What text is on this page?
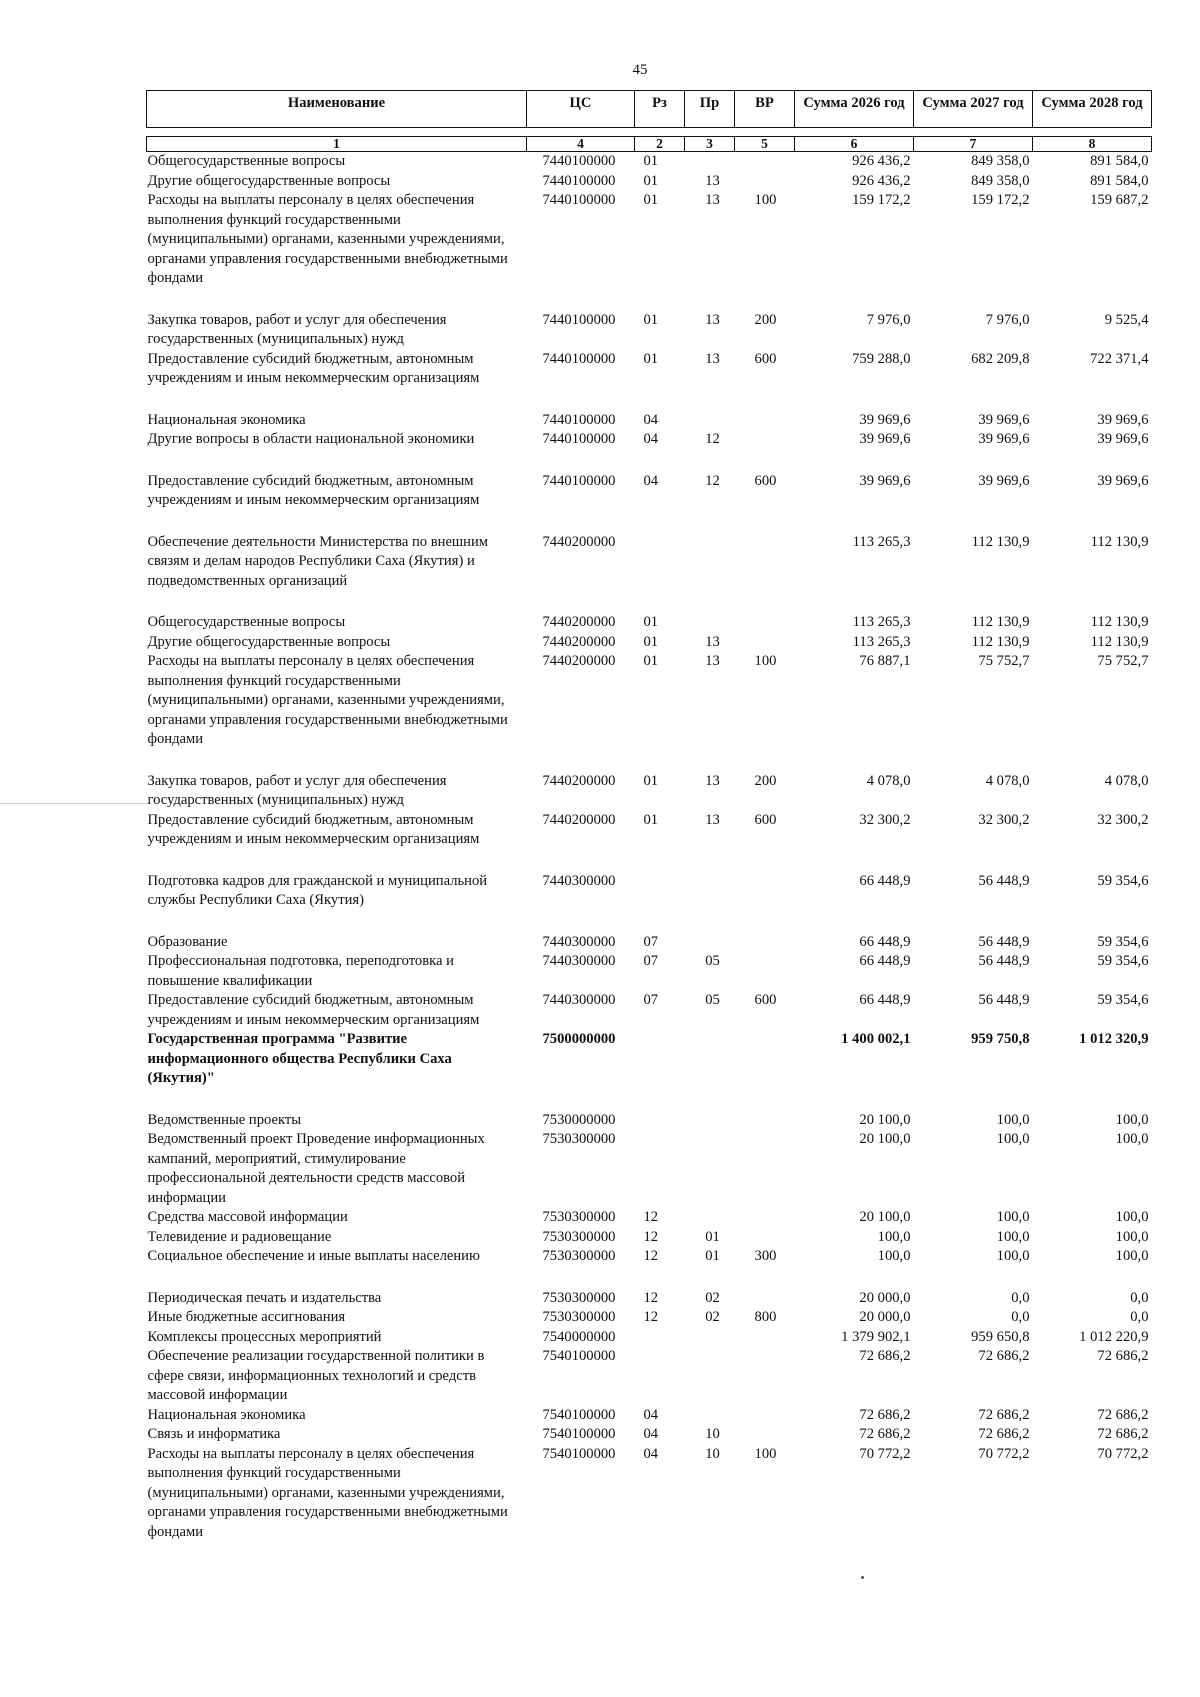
45
Наименование	ЦС	Рз	Пр	ВР	Сумма 2026 год	Сумма 2027 год	Сумма 2028 год

1	4	2	3	5	6	7	8
Общегосударственные вопросы	7440100000	01			926 436,2	849 358,0	891 584,0
Другие общегосударственные вопросы	7440100000	01	13		926 436,2	849 358,0	891 584,0
Расходы на выплаты персоналу в целях обеспечения выполнения функций государственными (муниципальными) органами, казенными учреждениями, органами управления государственными внебюджетными фондами	7440100000	01	13	100	159 172,2	159 172,2	159 687,2
Закупка товаров, работ и услуг для обеспечения государственных (муниципальных) нужд	7440100000	01	13	200	7 976,0	7 976,0	9 525,4
Предоставление субсидий бюджетным, автономным учреждениям и иным некоммерческим организациям	7440100000	01	13	600	759 288,0	682 209,8	722 371,4
Национальная экономика	7440100000	04			39 969,6	39 969,6	39 969,6
Другие вопросы в области национальной экономики	7440100000	04	12		39 969,6	39 969,6	39 969,6
Предоставление субсидий бюджетным, автономным учреждениям и иным некоммерческим организациям	7440100000	04	12	600	39 969,6	39 969,6	39 969,6
Обеспечение деятельности Министерства по внешним связям и делам народов Республики Саха (Якутия) и подведомственных организаций	7440200000				113 265,3	112 130,9	112 130,9
Общегосударственные вопросы	7440200000	01			113 265,3	112 130,9	112 130,9
Другие общегосударственные вопросы	7440200000	01	13		113 265,3	112 130,9	112 130,9
Расходы на выплаты персоналу в целях обеспечения выполнения функций государственными (муниципальными) органами, казенными учреждениями, органами управления государственными внебюджетными фондами	7440200000	01	13	100	76 887,1	75 752,7	75 752,7
Закупка товаров, работ и услуг для обеспечения государственных (муниципальных) нужд	7440200000	01	13	200	4 078,0	4 078,0	4 078,0
Предоставление субсидий бюджетным, автономным учреждениям и иным некоммерческим организациям	7440200000	01	13	600	32 300,2	32 300,2	32 300,2
Подготовка кадров для гражданской и муниципальной службы Республики Саха (Якутия)	7440300000				66 448,9	56 448,9	59 354,6
Образование	7440300000	07			66 448,9	56 448,9	59 354,6
Профессиональная подготовка, переподготовка и повышение квалификации	7440300000	07	05		66 448,9	56 448,9	59 354,6
Предоставление субсидий бюджетным, автономным учреждениям и иным некоммерческим организациям	7440300000	07	05	600	66 448,9	56 448,9	59 354,6
Государственная программа "Развитие информационного общества Республики Саха (Якутия)"	7500000000				1 400 002,1	959 750,8	1 012 320,9
Ведомственные проекты	7530000000				20 100,0	100,0	100,0
Ведомственный проект Проведение информационных кампаний, мероприятий, стимулирование профессиональной деятельности средств массовой информации	7530300000				20 100,0	100,0	100,0
Средства массовой информации	7530300000	12			20 100,0	100,0	100,0
Телевидение и радиовещание	7530300000	12	01		100,0	100,0	100,0
Социальное обеспечение и иные выплаты населению	7530300000	12	01	300	100,0	100,0	100,0
Периодическая печать и издательства	7530300000	12	02		20 000,0	0,0	0,0
Иные бюджетные ассигнования	7530300000	12	02	800	20 000,0	0,0	0,0
Комплексы процессных мероприятий	7540000000				1 379 902,1	959 650,8	1 012 220,9
Обеспечение реализации государственной политики в сфере связи, информационных технологий и средств массовой информации	7540100000				72 686,2	72 686,2	72 686,2
Национальная экономика	7540100000	04			72 686,2	72 686,2	72 686,2
Связь и информатика	7540100000	04	10		72 686,2	72 686,2	72 686,2
Расходы на выплаты персоналу в целях обеспечения выполнения функций государственными (муниципальными) органами, казенными учреждениями, органами управления государственными внебюджетными фондами	7540100000	04	10	100	70 772,2	70 772,2	70 772,2
